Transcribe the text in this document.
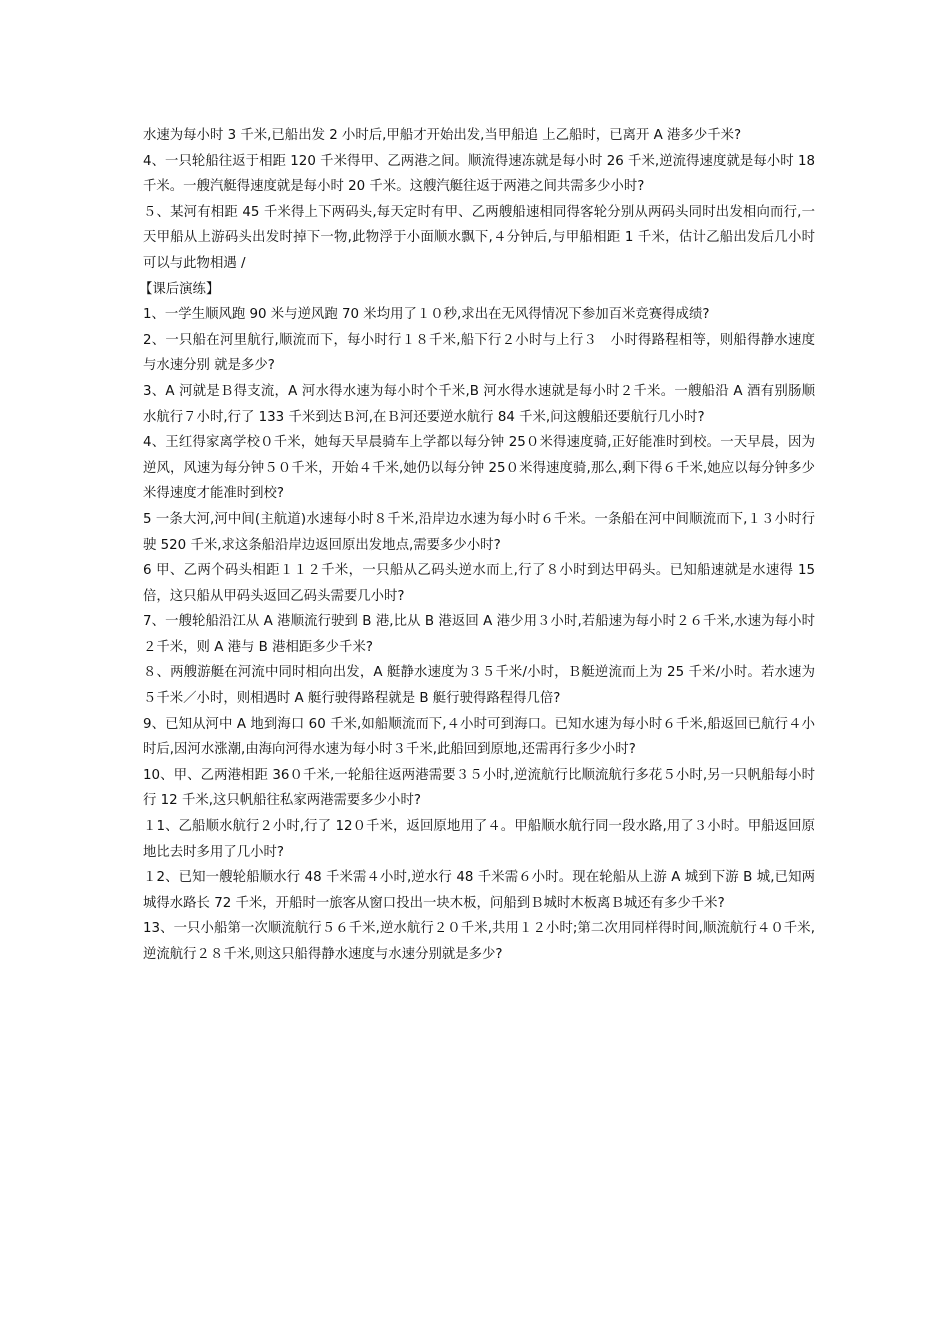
水速为每小时 3 千米,已船出发 2 小时后,甲船才开始出发,当甲船追 上乙船时，已离开 A 港多少千米?

4、一只轮船往返于相距 120 千米得甲、乙两港之间。顺流得速冻就是每小时 26 千米,逆流得速度就是每小时 18 千米。一艘汽艇得速度就是每小时 20 千米。这艘汽艇往返于两港之间共需多少小时?

５、某河有相距 45 千米得上下两码头,每天定时有甲、乙两艘船速相同得客轮分别从两码头同时出发相向而行,一天甲船从上游码头出发时掉下一物,此物浮于小面顺水飘下,４分钟后,与甲船相距 1 千米，估计乙船出发后几小时可以与此物相遇 /

【课后演练】

1、一学生顺风跑 90 米与逆风跑 70 米均用了１０秒,求出在无风得情况下参加百米竞赛得成绩?

2、一只船在河里航行,顺流而下，每小时行１８千米,船下行２小时与上行３　小时得路程相等，则船得静水速度与水速分别 就是多少?

3、A 河就是Ｂ得支流，A 河水得水速为每小时个千米,B 河水得水速就是每小时２千米。一艘船沿 A 酒有别肠顺水航行７小时,行了 133 千米到达Ｂ河,在Ｂ河还要逆水航行 84 千米,问这艘船还要航行几小时?

4、王红得家离学校０千米，她每天早晨骑车上学都以每分钟 25０米得速度骑,正好能准时到校。一天早晨，因为逆风，风速为每分钟５０千米，开始４千米,她仍以每分钟 25０米得速度骑,那么,剩下得６千米,她应以每分钟多少米得速度才能准时到校?

5 一条大河,河中间(主航道)水速每小时８千米,沿岸边水速为每小时６千米。一条船在河中间顺流而下,１３小时行驶 520 千米,求这条船沿岸边返回原出发地点,需要多少小时?

6 甲、乙两个码头相距１１２千米，一只船从乙码头逆水而上,行了８小时到达甲码头。已知船速就是水速得 15 倍，这只船从甲码头返回乙码头需要几小时?

7、一艘轮船沿江从 A 港顺流行驶到 B 港,比从 B 港返回 A 港少用３小时,若船速为每小时２６千米,水速为每小时２千米，则 A 港与 B 港相距多少千米?

８、两艘游艇在河流中同时相向出发，A 艇静水速度为３５千米/小时，Ｂ艇逆流而上为 25 千米/小时。若水速为５千米／小时，则相遇时 A 艇行驶得路程就是 B 艇行驶得路程得几倍?

9、已知从河中 A 地到海口 60 千米,如船顺流而下,４小时可到海口。已知水速为每小时６千米,船返回已航行４小时后,因河水涨潮,由海向河得水速为每小时３千米,此船回到原地,还需再行多少小时?

10、甲、乙两港相距 36０千米,一轮船往返两港需要３５小时,逆流航行比顺流航行多花５小时,另一只帆船每小时行 12 千米,这只帆船往私家两港需要多少小时?

１1、乙船顺水航行２小时,行了 12０千米，返回原地用了４。甲船顺水航行同一段水路,用了３小时。甲船返回原地比去时多用了几小时?

１2、已知一艘轮船顺水行 48 千米需４小时,逆水行 48 千米需６小时。现在轮船从上游 A 城到下游 B 城,已知两城得水路长 72 千米，开船时一旅客从窗口投出一块木板，问船到Ｂ城时木板离Ｂ城还有多少千米?

13、一只小船第一次顺流航行５６千米,逆水航行２０千米,共用１２小时;第二次用同样得时间,顺流航行４０千米,逆流航行２８千米,则这只船得静水速度与水速分别就是多少?
